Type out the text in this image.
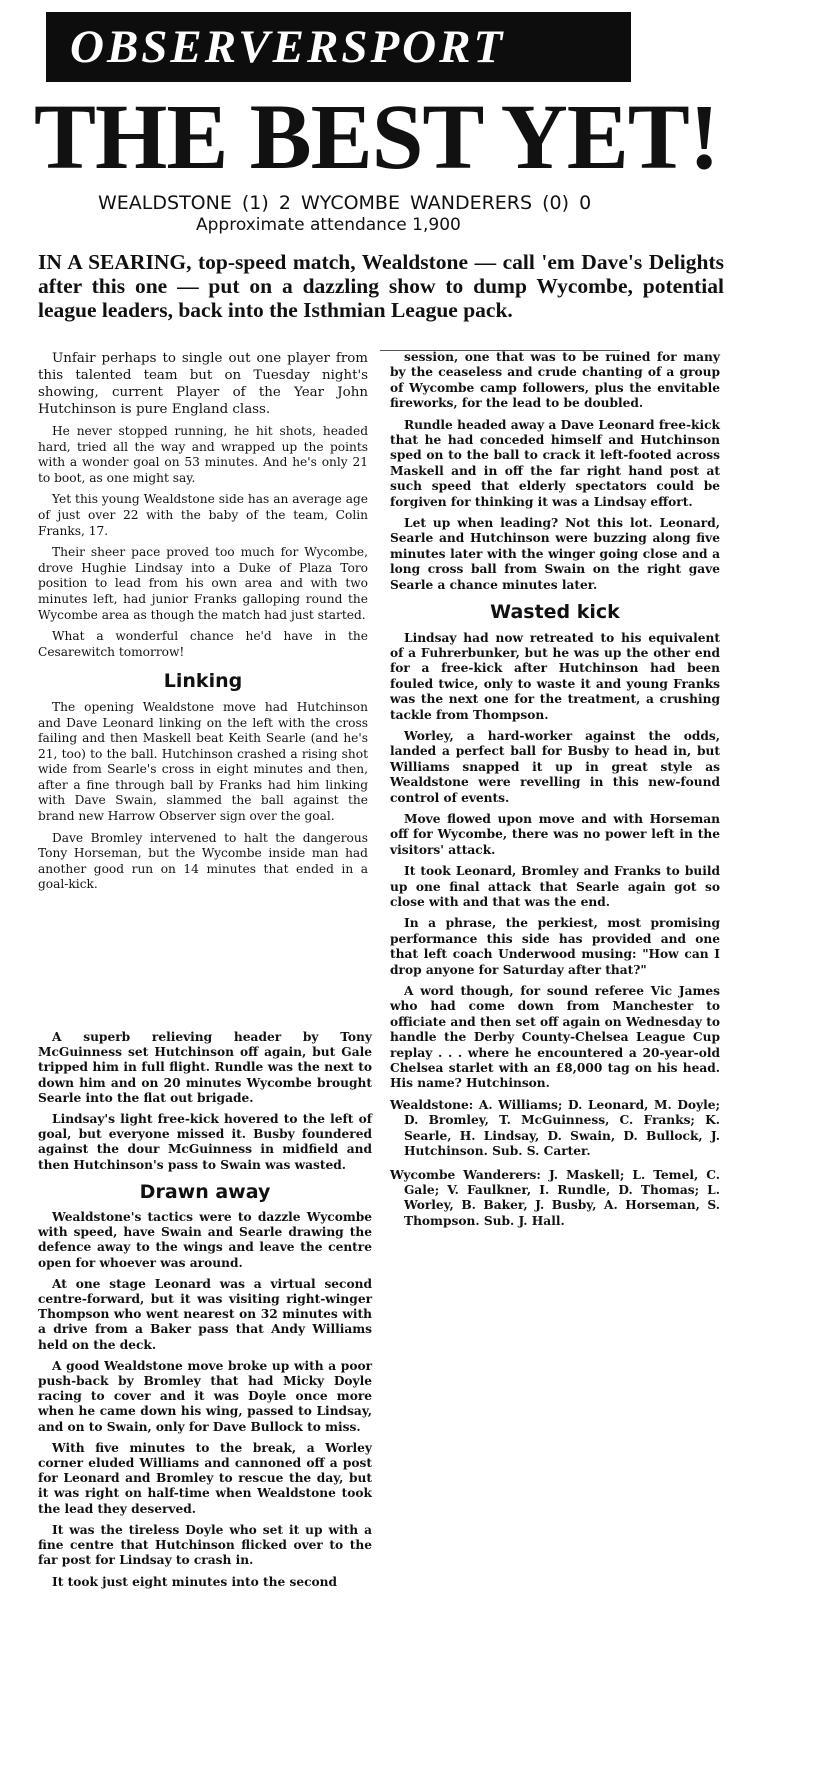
OBSERVERSPORT
THE BEST YET!
WEALDSTONE (1) 2 WYCOMBE WANDERERS (0) 0
Approximate attendance 1,900
IN A SEARING, top-speed match, Wealdstone — call 'em Dave's Delights after this one — put on a dazzling show to dump Wycombe, potential league leaders, back into the Isthmian League pack.

Unfair perhaps to single out one player from this talented team but on Tuesday night's showing, current Player of the Year John Hutchinson is pure England class.

He never stopped running, he hit shots, headed hard, tried all the way and wrapped up the points with a wonder goal on 53 minutes. And he's only 21 to boot, as one might say.

Yet this young Wealdstone side has an average age of just over 22 with the baby of the team, Colin Franks, 17.

Their sheer pace proved too much for Wycombe, drove Hughie Lindsay into a Duke of Plaza Toro position to lead from his own area and with two minutes left, had junior Franks galloping round the Wycombe area as though the match had just started.

What a wonderful chance he'd have in the Cesarewitch tomorrow!

Linking

The opening Wealdstone move had Hutchinson and Dave Leonard linking on the left with the cross failing and then Maskell beat Keith Searle (and he's 21, too) to the ball. Hutchinson crashed a rising shot wide from Searle's cross in eight minutes and then, after a fine through ball by Franks had him linking with Dave Swain, slammed the ball against the brand new Harrow Observer sign over the goal.

Dave Bromley intervened to halt the dangerous Tony Horseman, but the Wycombe inside man had another good run on 14 minutes that ended in a goal-kick.

A superb relieving header by Tony McGuinness set Hutchinson off again, but Gale tripped him in full flight. Rundle was the next to down him and on 20 minutes Wycombe brought Searle into the flat out brigade.

Lindsay's light free-kick hovered to the left of goal, but everyone missed it. Busby foundered against the dour McGuinness in midfield and then Hutchinson's pass to Swain was wasted.

Drawn away

Wealdstone's tactics were to dazzle Wycombe with speed, have Swain and Searle drawing the defence away to the wings and leave the centre open for whoever was around.

At one stage Leonard was a virtual second centre-forward, but it was visiting right-winger Thompson who went nearest on 32 minutes with a drive from a Baker pass that Andy Williams held on the deck.

A good Wealdstone move broke up with a poor push-back by Bromley that had Micky Doyle racing to cover and it was Doyle once more when he came down his wing, passed to Lindsay, and on to Swain, only for Dave Bullock to miss.

With five minutes to the break, a Worley corner eluded Williams and cannoned off a post for Leonard and Bromley to rescue the day, but it was right on half-time when Wealdstone took the lead they deserved.

It was the tireless Doyle who set it up with a fine centre that Hutchinson flicked over to the far post for Lindsay to crash in.

It took just eight minutes into the second

session, one that was to be ruined for many by the ceaseless and crude chanting of a group of Wycombe camp followers, plus the envitable fireworks, for the lead to be doubled.

Rundle headed away a Dave Leonard free-kick that he had conceded himself and Hutchinson sped on to the ball to crack it left-footed across Maskell and in off the far right hand post at such speed that elderly spectators could be forgiven for thinking it was a Lindsay effort.

Let up when leading? Not this lot. Leonard, Searle and Hutchinson were buzzing along five minutes later with the winger going close and a long cross ball from Swain on the right gave Searle a chance minutes later.

Wasted kick

Lindsay had now retreated to his equivalent of a Fuhrerbunker, but he was up the other end for a free-kick after Hutchinson had been fouled twice, only to waste it and young Franks was the next one for the treatment, a crushing tackle from Thompson.

Worley, a hard-worker against the odds, landed a perfect ball for Busby to head in, but Williams snapped it up in great style as Wealdstone were revelling in this new-found control of events.

Move flowed upon move and with Horseman off for Wycombe, there was no power left in the visitors' attack.

It took Leonard, Bromley and Franks to build up one final attack that Searle again got so close with and that was the end.

In a phrase, the perkiest, most promising performance this side has provided and one that left coach Underwood musing: "How can I drop anyone for Saturday after that?"

A word though, for sound referee Vic James who had come down from Manchester to officiate and then set off again on Wednesday to handle the Derby County-Chelsea League Cup replay . . . where he encountered a 20-year-old Chelsea starlet with an £8,000 tag on his head. His name? Hutchinson.

Wealdstone: A. Williams; D. Leonard, M. Doyle; D. Bromley, T. McGuinness, C. Franks; K. Searle, H. Lindsay, D. Swain, D. Bullock, J. Hutchinson. Sub. S. Carter.

Wycombe Wanderers: J. Maskell; L. Temel, C. Gale; V. Faulkner, I. Rundle, D. Thomas; L. Worley, B. Baker, J. Busby, A. Horseman, S. Thompson. Sub. J. Hall.
